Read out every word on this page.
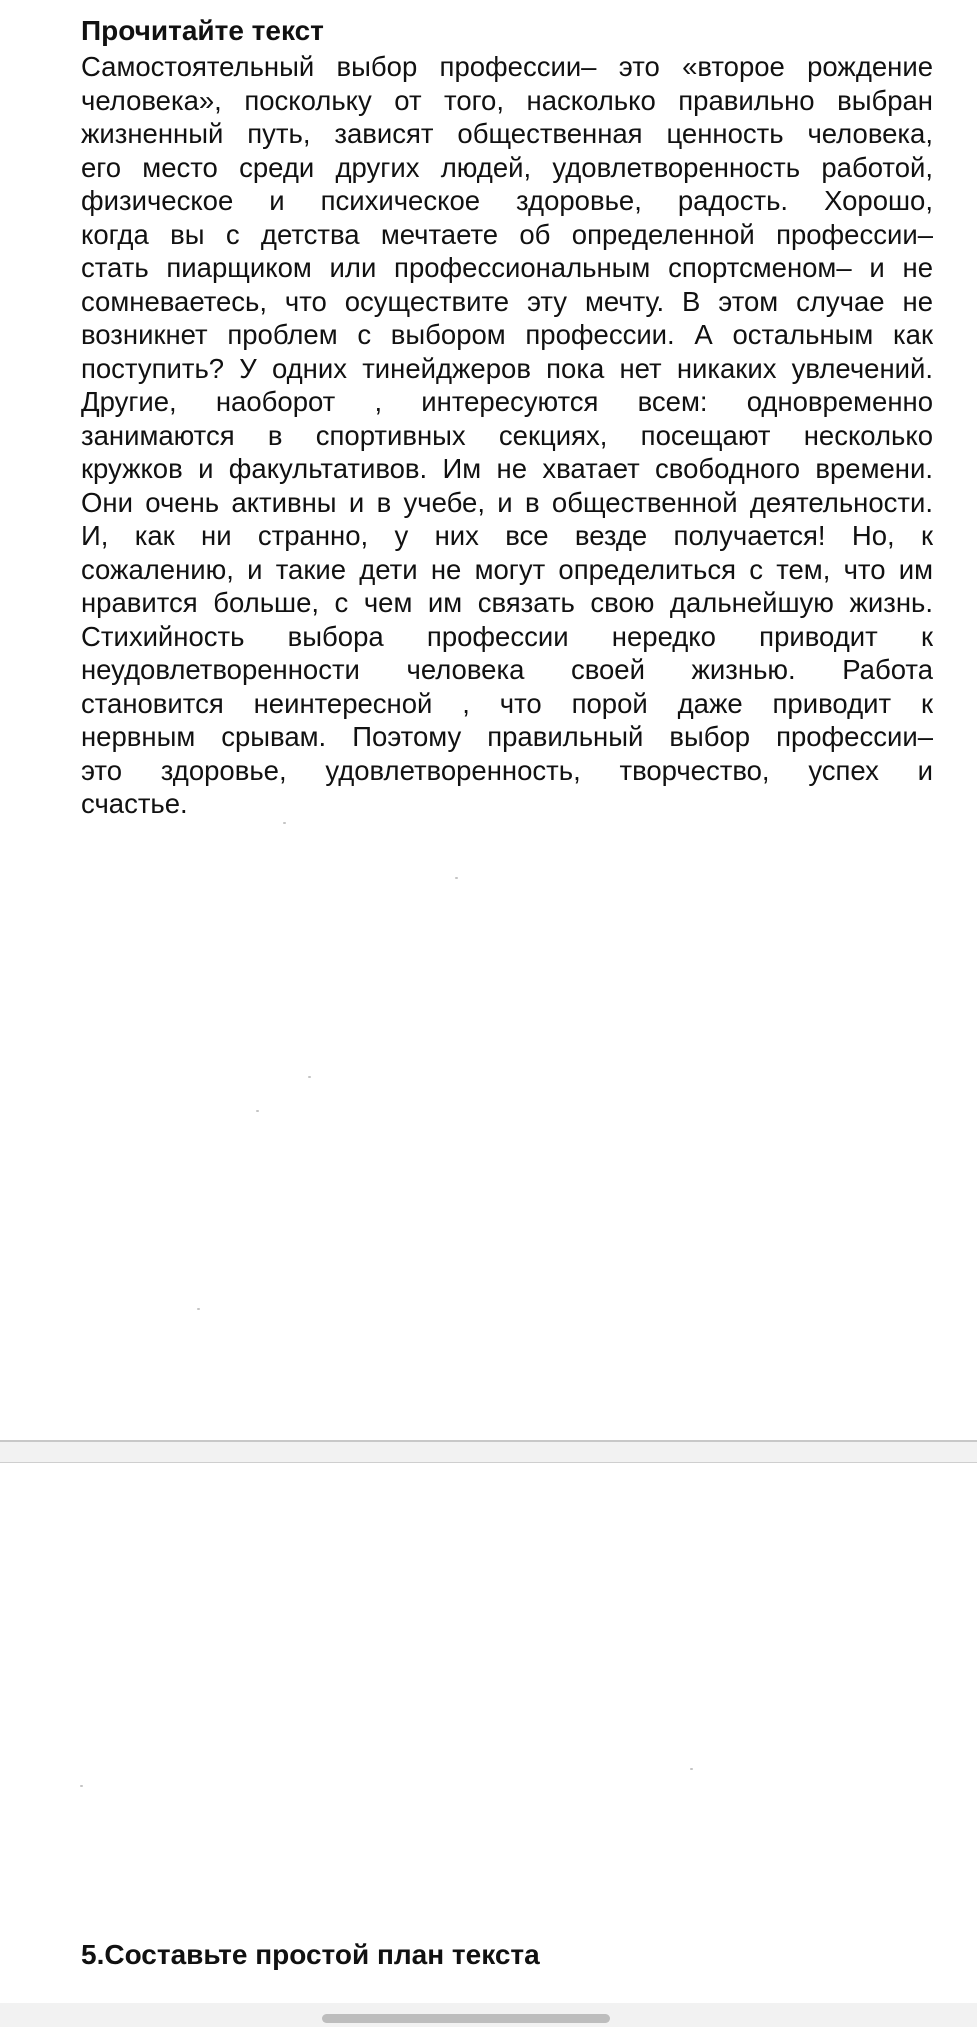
Прочитайте текст
Самостоятельный выбор профессии– это «второе рождение
человека», поскольку от того, насколько правильно выбран
жизненный путь, зависят общественная ценность человека,
его место среди других людей, удовлетворенность работой,
физическое и психическое здоровье, радость. Хорошо,
когда вы с детства мечтаете об определенной профессии–
стать пиарщиком или профессиональным спортсменом– и не
сомневаетесь, что осуществите эту мечту. В этом случае не
возникнет проблем с выбором профессии. А остальным как
поступить? У одних тинейджеров пока нет никаких увлечений.
Другие, наоборот , интересуются всем: одновременно
занимаются в спортивных секциях, посещают несколько
кружков и факультативов. Им не хватает свободного времени.
Они очень активны и в учебе, и в общественной деятельности.
И, как ни странно, у них все везде получается! Но, к
сожалению, и такие дети не могут определиться с тем, что им
нравится больше, с чем им связать свою дальнейшую жизнь.
Стихийность выбора профессии нередко приводит к
неудовлетворенности человека своей жизнью. Работа
становится неинтересной , что порой даже приводит к
нервным срывам. Поэтому правильный выбор профессии–
это здоровье, удовлетворенность, творчество, успех и
счастье.
5.Составьте простой план текста
